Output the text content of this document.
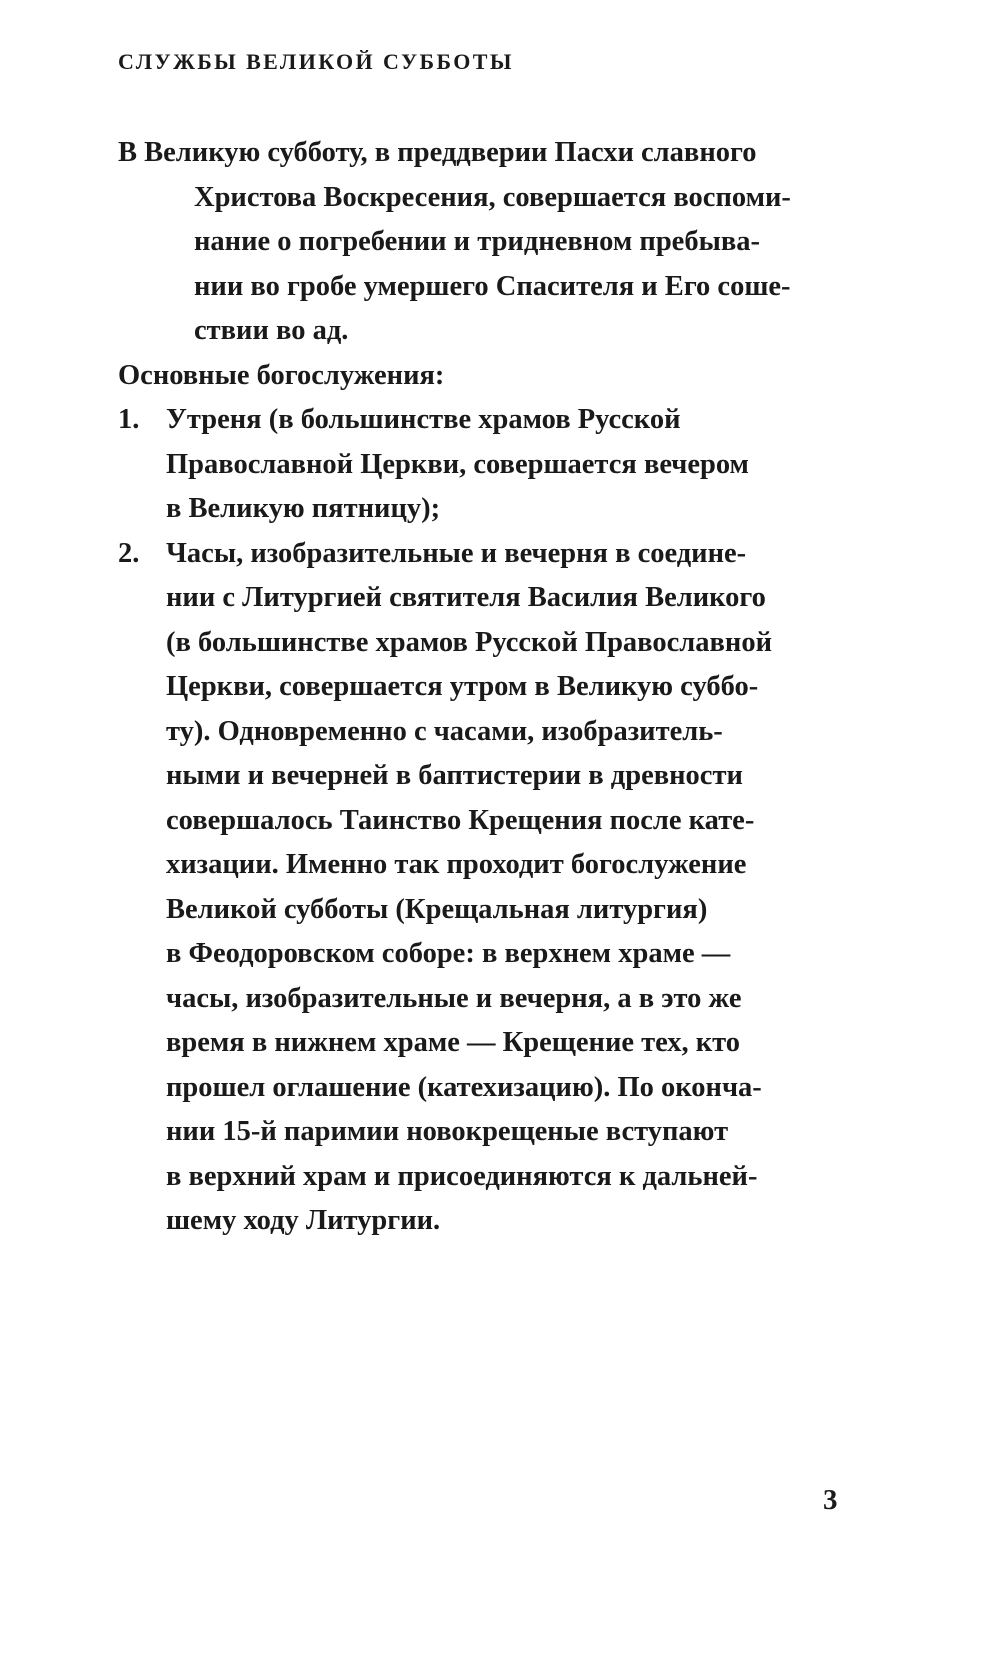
СЛУЖБЫ ВЕЛИКОЙ СУББОТЫ
В Великую субботу, в преддверии Пасхи славного
Христова Воскресения, совершается воспоми-
нание о погребении и тридневном пребыва-
нии во гробе умершего Спасителя и Его соше-
ствии во ад.
Основные богослужения:
1. Утреня (в большинстве храмов Русской
Православной Церкви, совершается вечером
в Великую пятницу);
2. Часы, изобразительные и вечерня в соедине-
нии с Литургией святителя Василия Великого
(в большинстве храмов Русской Православной
Церкви, совершается утром в Великую суббо-
ту). Одновременно с часами, изобразитель-
ными и вечерней в баптистерии в древности
совершалось Таинство Крещения после кате-
хизации. Именно так проходит богослужение
Великой субботы (Крещальная литургия)
в Феодоровском соборе: в верхнем храме —
часы, изобразительные и вечерня, а в это же
время в нижнем храме — Крещение тех, кто
прошел оглашение (катехизацию). По оконча-
нии 15-й паримии новокрещеные вступают
в верхний храм и присоединяются к дальней-
шему ходу Литургии.
3
